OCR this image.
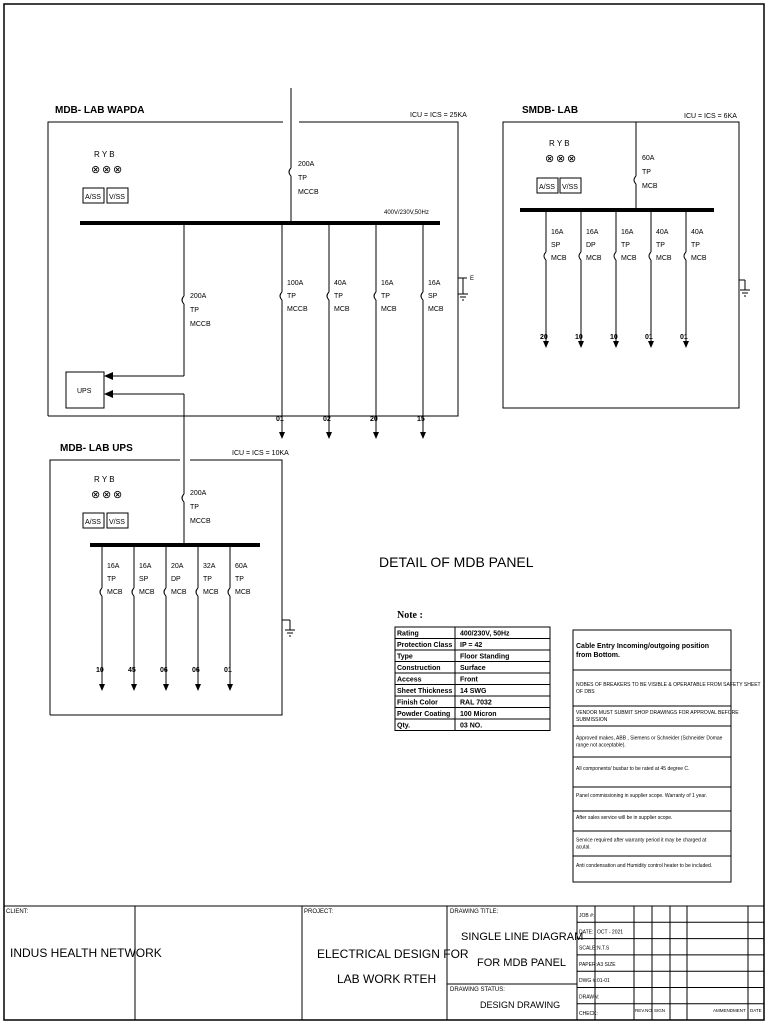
MDB- LAB WAPDA	ICU = ICS = 25KA
R Y B
⊗ ⊗ ⊗
A/SS V/SS
200A
TP
MCCB
400V/230V,50Hz
200A
TP
MCCB
E
100A
TP
MCCB
01
40A
TP
MCB
02
16A
TP
MCB
20
16A
SP
MCB
15
UPS
SMDB- LAB
ICU = ICS = 6KA
R Y B
⊗ ⊗ ⊗
A/SS V/SS
60A
TP
MCB
16A
SP
MCB
20
16A
DP
MCB
10
16A
TP
MCB
10
40A
TP
MCB
01
40A
TP
MCB
01
MDB- LAB UPS	ICU = ICS = 10KA
R Y B
⊗ ⊗ ⊗
A/SS V/SS
200A
TP
MCCB
16A
TP
MCB
10
16A
SP
MCB
45
20A
DP
MCB
06
32A
TP
MCB
06
60A
TP
MCB
01
DETAIL OF MDB PANEL
Note :
Rating	400/230V, 50Hz
Protection Class IP = 42
Type	Floor Standing
Construction	Surface
Access	Front
Sheet Thickness 14 SWG
Finish Color	RAL 7032
Powder Coating 100 Micron
Qty.	03 NO.
Cable Entry Incoming/outgoing position from Bottom.
NOBES OF BREAKERS TO BE VISIBLE & OPERATABLE FROM SAFETY SHEET OF DBS
VENDOR MUST SUBMIT SHOP DRAWINGS FOR APPROVAL BEFORE SUBMISSION
Approved makes, ABB , Siemens or Schneider (Schneider Domae range not acceptable).
All components/ busbar to be rated at 45 degree C.
Panel commissioning in supplier scope. Warranty of 1 year.
After sales service will be in supplier scope.
Service required after warranty period it may be charged at acutal.
Anti condensation and Humidity control heater to be included.
CLIENT:
INDUS HEALTH NETWORK
PROJECT:
ELECTRICAL DESIGN FOR
LAB WORK RTEH
DRAWING TITLE:
SINGLE LINE DIAGRAM
FOR MDB PANEL
DRAWING STATUS:
DESIGN DRAWING
JOB #:
DATE: OCT - 2021
SCALE: N.T.S
PAPER: A3 SIZE
DWG #: 01-01
DRAWN:
CHECK:
REV.NO. SIGN	AMMENDMENT DATE
